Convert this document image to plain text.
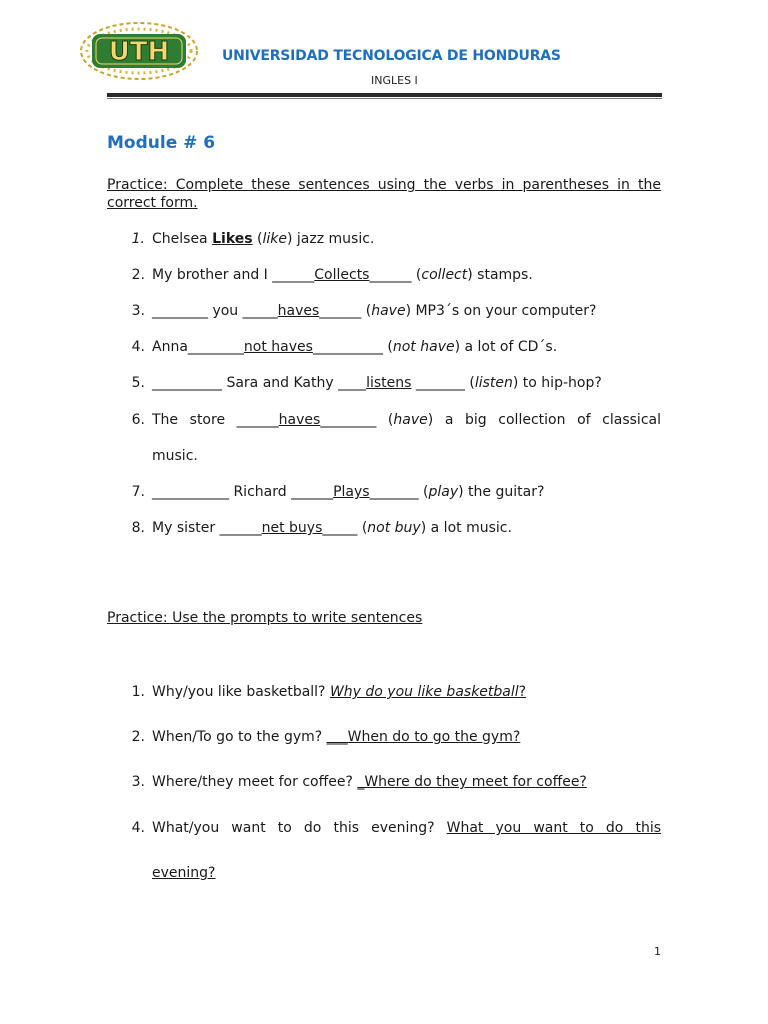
UTH	UNIVERSIDAD TECNOLOGICA DE HONDURAS
INGLES I
Module # 6
Practice: Complete these sentences using the verbs in parentheses in the correct form.
1. Chelsea Likes (like) jazz music.
2. My brother and I ______Collects______ (collect) stamps.
3. ________ you _____haves______ (have) MP3´s on your computer?
4. Anna________not haves__________ (not have) a lot of CD´s.
5. __________ Sara and Kathy ____listens _______ (listen) to hip-hop?
6. The store ______haves________ (have) a big collection of classical
music.
7. ___________ Richard ______Plays_______ (play) the guitar?
8. My sister ______net buys_____ (not buy) a lot music.
Practice: Use the prompts to write sentences
1. Why/you like basketball? Why do you like basketball?
2. When/To go to the gym? ___When do to go the gym?
3. Where/they meet for coffee? _Where do they meet for coffee?
4. What/you want to do this evening? What you want to do this
evening?
1
